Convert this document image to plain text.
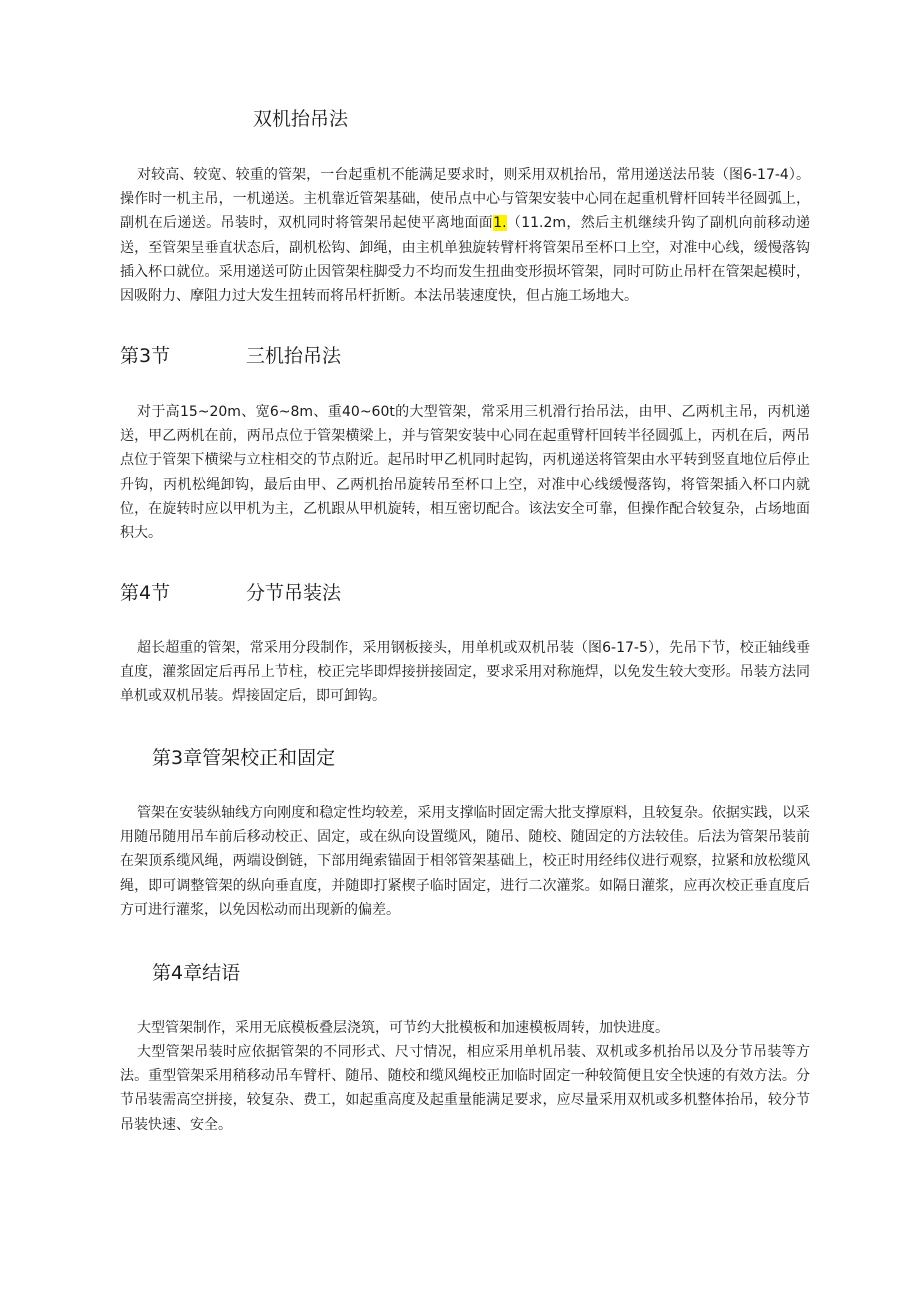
双机抬吊法

对较高、较宽、较重的管架，一台起重机不能满足要求时，则采用双机抬吊，常用递送法吊装（图6-17-4）。操作时一机主吊，一机递送。主机靠近管架基础，使吊点中心与管架安装中心同在起重机臂杆回转半径圆弧上，副机在后递送。吊装时，双机同时将管架吊起使平离地面面1.（11.2m，然后主机继续升钩了副机向前移动递送，至管架呈垂直状态后，副机松钩、卸绳，由主机单独旋转臂杆将管架吊至杯口上空，对准中心线，缓慢落钩插入杯口就位。采用递送可防止因管架柱脚受力不均而发生扭曲变形损坏管架，同时可防止吊杆在管架起模时，因吸附力、摩阻力过大发生扭转而将吊杆折断。本法吊装速度快，但占施工场地大。

第3节	三机抬吊法

对于高15~20m、宽6~8m、重40~60t的大型管架，常采用三机滑行抬吊法，由甲、乙两机主吊，丙机递送，甲乙两机在前，两吊点位于管架横梁上，并与管架安装中心同在起重臂杆回转半径圆弧上，丙机在后，两吊点位于管架下横梁与立柱相交的节点附近。起吊时甲乙机同时起钩，丙机递送将管架由水平转到竖直地位后停止升钩，丙机松绳卸钩，最后由甲、乙两机抬吊旋转吊至杯口上空，对准中心线缓慢落钩，将管架插入杯口内就位，在旋转时应以甲机为主，乙机跟从甲机旋转，相互密切配合。该法安全可靠，但操作配合较复杂，占场地面积大。

第4节	分节吊装法

超长超重的管架，常采用分段制作，采用钢板接头，用单机或双机吊装（图6-17-5），先吊下节，校正轴线垂直度，灌浆固定后再吊上节柱，校正完毕即焊接拼接固定，要求采用对称施焊，以免发生较大变形。吊装方法同单机或双机吊装。焊接固定后，即可卸钩。

第3章管架校正和固定

管架在安装纵轴线方向刚度和稳定性均较差，采用支撑临时固定需大批支撑原料，且较复杂。依据实践，以采用随吊随用吊车前后移动校正、固定，或在纵向设置缆风，随吊、随校、随固定的方法较佳。后法为管架吊装前在架顶系缆风绳，两端设倒链，下部用绳索锚固于相邻管架基础上，校正时用经纬仪进行观察，拉紧和放松缆风绳，即可调整管架的纵向垂直度，并随即打紧楔子临时固定，进行二次灌浆。如隔日灌浆，应再次校正垂直度后方可进行灌浆，以免因松动而出现新的偏差。

第4章结语

大型管架制作，采用无底模板叠层浇筑，可节约大批模板和加速模板周转，加快进度。

大型管架吊装时应依据管架的不同形式、尺寸情况，相应采用单机吊装、双机或多机抬吊以及分节吊装等方法。重型管架采用稍移动吊车臂杆、随吊、随校和缆风绳校正加临时固定一种较简便且安全快速的有效方法。分节吊装需高空拼接，较复杂、费工，如起重高度及起重量能满足要求，应尽量采用双机或多机整体抬吊，较分节吊装快速、安全。
